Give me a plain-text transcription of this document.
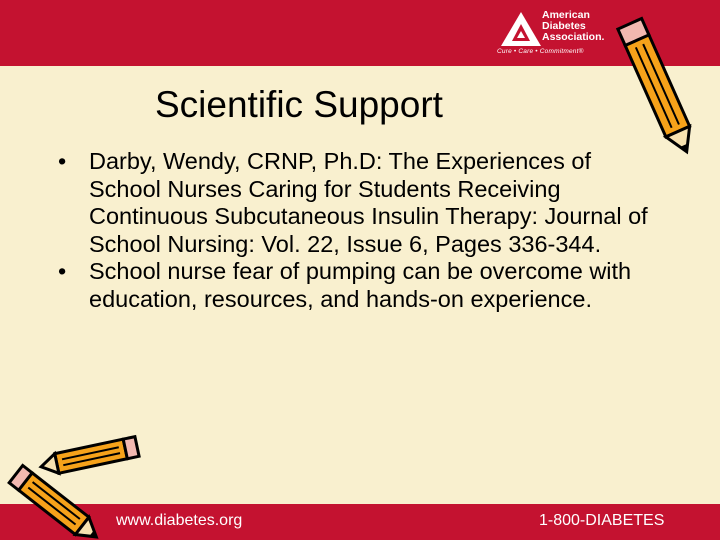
American
Diabetes
Association.
Cure • Care • Commitment®
Scientific Support
• Darby, Wendy, CRNP, Ph.D: The Experiences of School Nurses Caring for Students Receiving Continuous Subcutaneous Insulin Therapy: Journal of School Nursing: Vol. 22, Issue 6, Pages 336-344.
• School nurse fear of pumping can be overcome with education, resources, and hands-on experience.
www.diabetes.org	1-800-DIABETES
